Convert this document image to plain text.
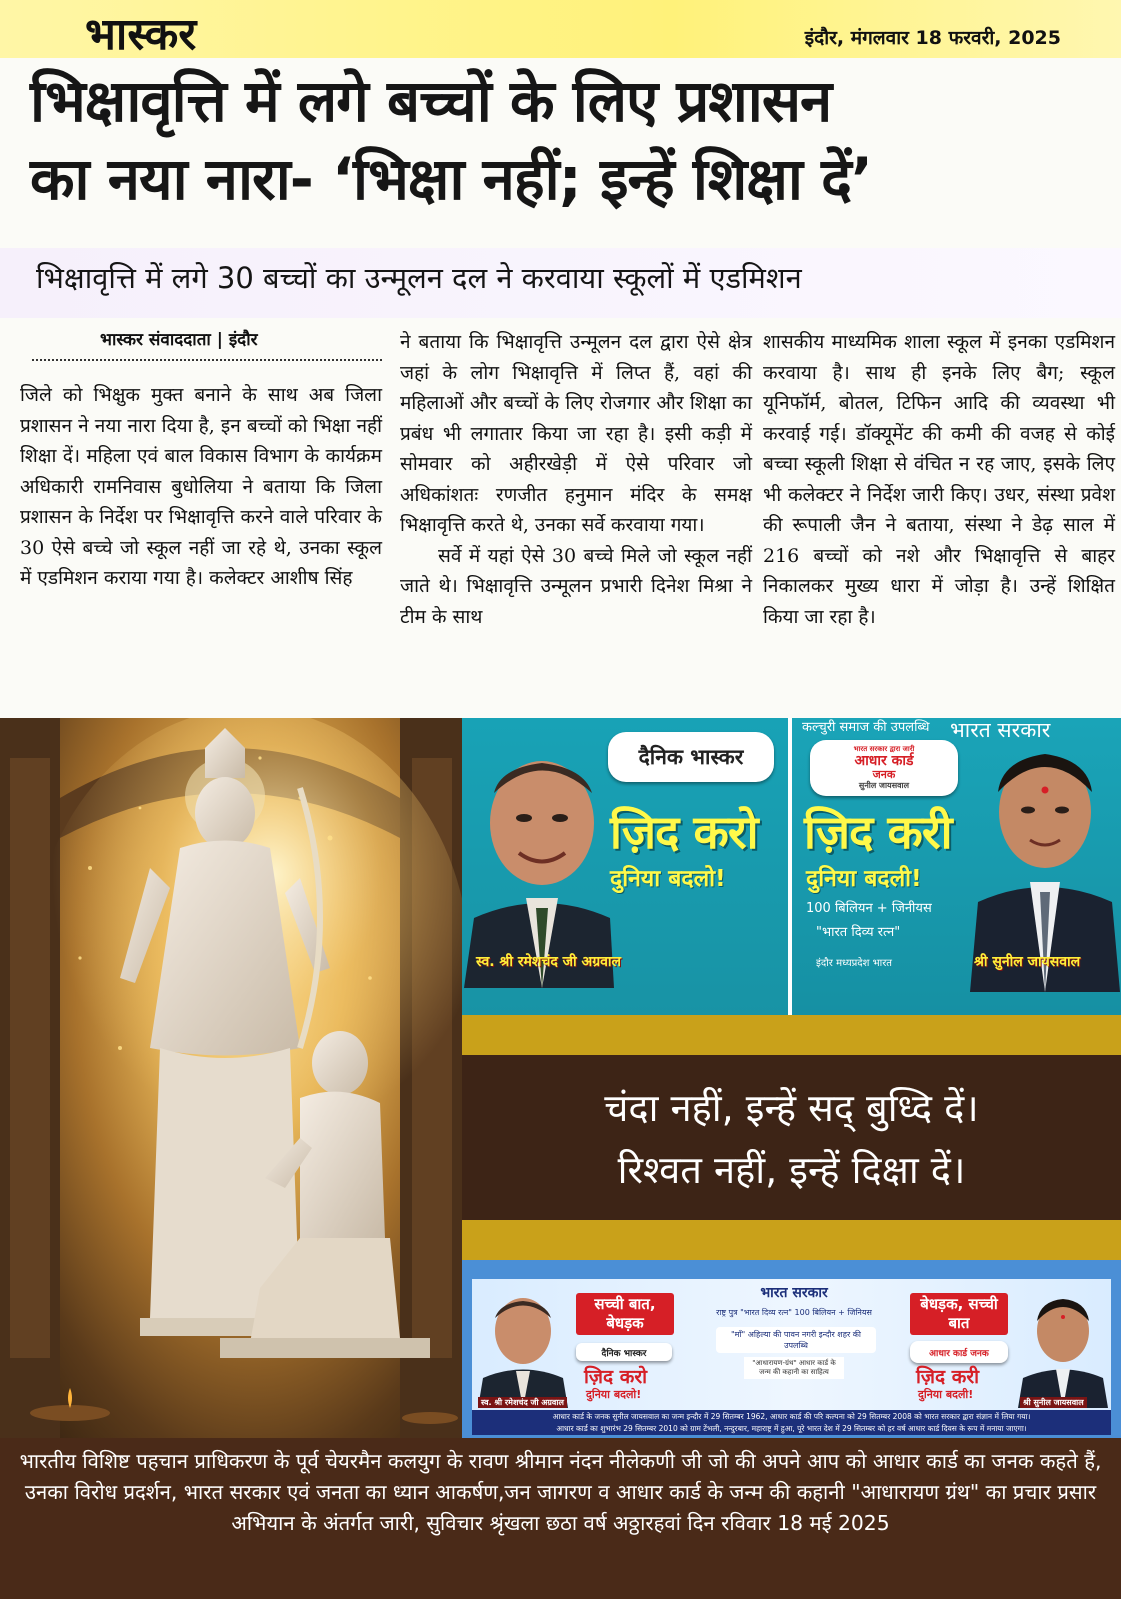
भास्कर	इंदौर, मंगलवार 18 फरवरी, 2025
भिक्षावृत्ति में लगे बच्चों के लिए प्रशासन
का नया नारा- ‘भिक्षा नहीं; इन्हें शिक्षा दें’
भिक्षावृत्ति में लगे 30 बच्चों का उन्मूलन दल ने करवाया स्कूलों में एडमिशन
भास्कर संवाददाता | इंदौर

जिले को भिक्षुक मुक्त बनाने के साथ अब जिला प्रशासन ने नया नारा दिया है, इन बच्चों को भिक्षा नहीं शिक्षा दें। महिला एवं बाल विकास विभाग के कार्यक्रम अधिकारी रामनिवास बुधोलिया ने बताया कि जिला प्रशासन के निर्देश पर भिक्षावृत्ति करने वाले परिवार के 30 ऐसे बच्चे जो स्कूल नहीं जा रहे थे, उनका स्कूल में एडमिशन कराया गया है। कलेक्टर आशीष सिंह

ने बताया कि भिक्षावृत्ति उन्मूलन दल द्वारा ऐसे क्षेत्र जहां के लोग भिक्षावृत्ति में लिप्त हैं, वहां की महिलाओं और बच्चों के लिए रोजगार और शिक्षा का प्रबंध भी लगातार किया जा रहा है। इसी कड़ी में सोमवार को अहीरखेड़ी में ऐसे परिवार जो अधिकांशतः रणजीत हनुमान मंदिर के समक्ष भिक्षावृत्ति करते थे, उनका सर्वे करवाया गया।

सर्वे में यहां ऐसे 30 बच्चे मिले जो स्कूल नहीं जाते थे। भिक्षावृत्ति उन्मूलन प्रभारी दिनेश मिश्रा ने टीम के साथ

शासकीय माध्यमिक शाला स्कूल में इनका एडमिशन करवाया है। साथ ही इनके लिए बैग; स्कूल यूनिफॉर्म, बोतल, टिफिन आदि की व्यवस्था भी करवाई गई। डॉक्यूमेंट की कमी की वजह से कोई बच्चा स्कूली शिक्षा से वंचित न रह जाए, इसके लिए भी कलेक्टर ने निर्देश जारी किए। उधर, संस्था प्रवेश की रूपाली जैन ने बताया, संस्था ने डेढ़ साल में 216 बच्चों को नशे और भिक्षावृत्ति से बाहर निकालकर मुख्य धारा में जोड़ा है। उन्हें शिक्षित किया जा रहा है।

दैनिक भास्कर
ज़िद करो
दुनिया बदलो!
स्व. श्री रमेशचंद जी अग्रवाल
कल्चुरी समाज की उपलब्धि भारत सरकार
भारत सरकार द्वारा जारी
आधार कार्ड
जनक
सुनील जायसवाल
ज़िद करी
दुनिया बदली!
100 बिलियन + जिनीयस
"भारत दिव्य रत्न"
इंदौर मध्यप्रदेश भारत	श्री सुनील जायसवाल
चंदा नहीं, इन्हें सद् बुध्दि दें।
रिश्वत नहीं, इन्हें दिक्षा दें।
सच्ची बात, बेधड़क
दैनिक भास्कर
ज़िद करो
दुनिया बदलो!
भारत सरकार
राष्ट्र पुत्र "भारत दिव्य रत्न" 100 बिलियन + जिनियस
"माँ" अहिल्या की पावन नगरी इन्दौर शहर की उपलब्धि
"आधारायण-ग्रंथ" आधार कार्ड के जन्म की कहानी का साहित्य
बेधड़क, सच्ची बात
आधार कार्ड जनक
ज़िद करी
दुनिया बदली!
स्व. श्री रमेशचंद जी अग्रवाल	श्री सुनील जायसवाल
आधार कार्ड के जनक सुनील जायसवाल का जन्म इन्दौर में 29 सितम्बर 1962, आधार कार्ड की परि कल्पना को 29 सितम्बर 2008 को भारत सरकार द्वारा संज्ञान में लिया गया।
आधार कार्ड का शुभारंभ 29 सितम्बर 2010 को ग्राम टेंभली, नन्दुरबार, महाराष्ट्र में हुआ, पूरे भारत देश में 29 सितम्बर को हर वर्ष आधार कार्ड दिवस के रूप में मनाया जाएगा।
भारतीय विशिष्ट पहचान प्राधिकरण के पूर्व चेयरमैन कलयुग के रावण श्रीमान नंदन नीलेकणी जी जो की अपने आप को आधार कार्ड का जनक कहते हैं, उनका विरोध प्रदर्शन, भारत सरकार एवं जनता का ध्यान आकर्षण,जन जागरण व आधार कार्ड के जन्म की कहानी "आधारायण ग्रंथ" का प्रचार प्रसार अभियान के अंतर्गत जारी, सुविचार श्रृंखला छठा वर्ष अठ्ठारहवां दिन रविवार 18 मई 2025
